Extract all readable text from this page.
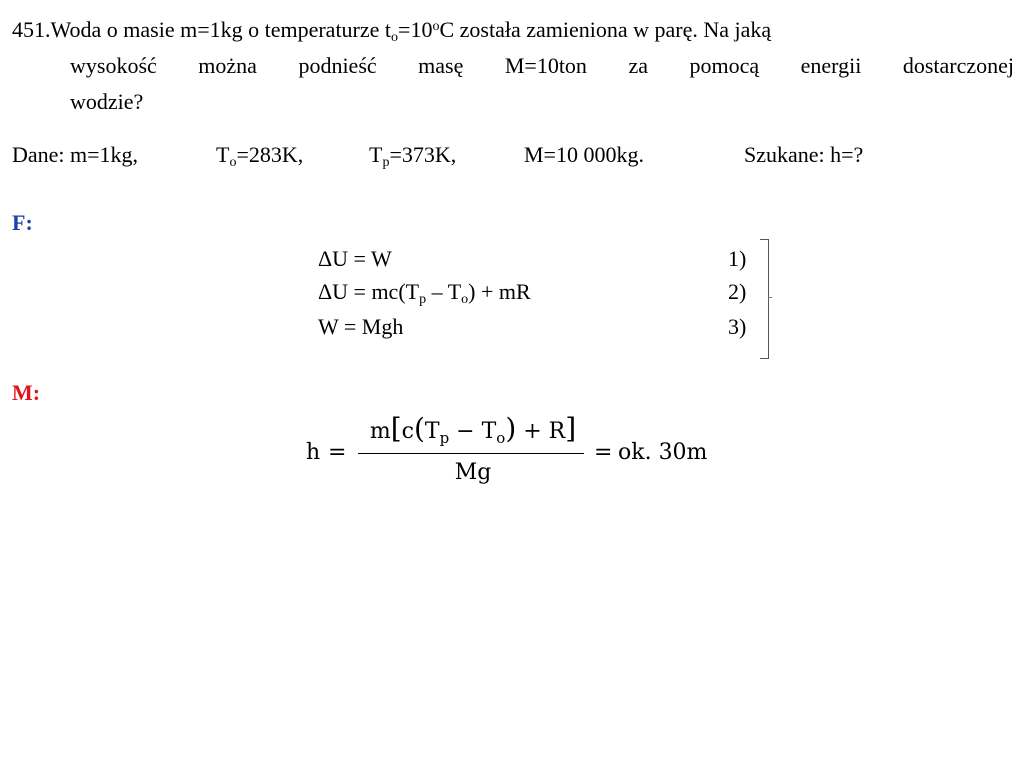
451.Woda o masie m=1kg o temperaturze $t_o=10^oC$ została zamieniona w parę. Na jaką
wysokość można podnieść masę M=10ton za pomocą energii dostarczonej
wodzie?
Dane: m=1kg,	$T_o=283K$,	$T_p=373K$,	M=10 000kg.	Szukane: h=?
F:
M:
ΔU = W	1)
$\Delta U = mc(T_p - T_o)$ + mR	2)
W = Mgh	3)
h =
$m[c(T_p - T_o) + R]$
Mg
= ok. 30m
